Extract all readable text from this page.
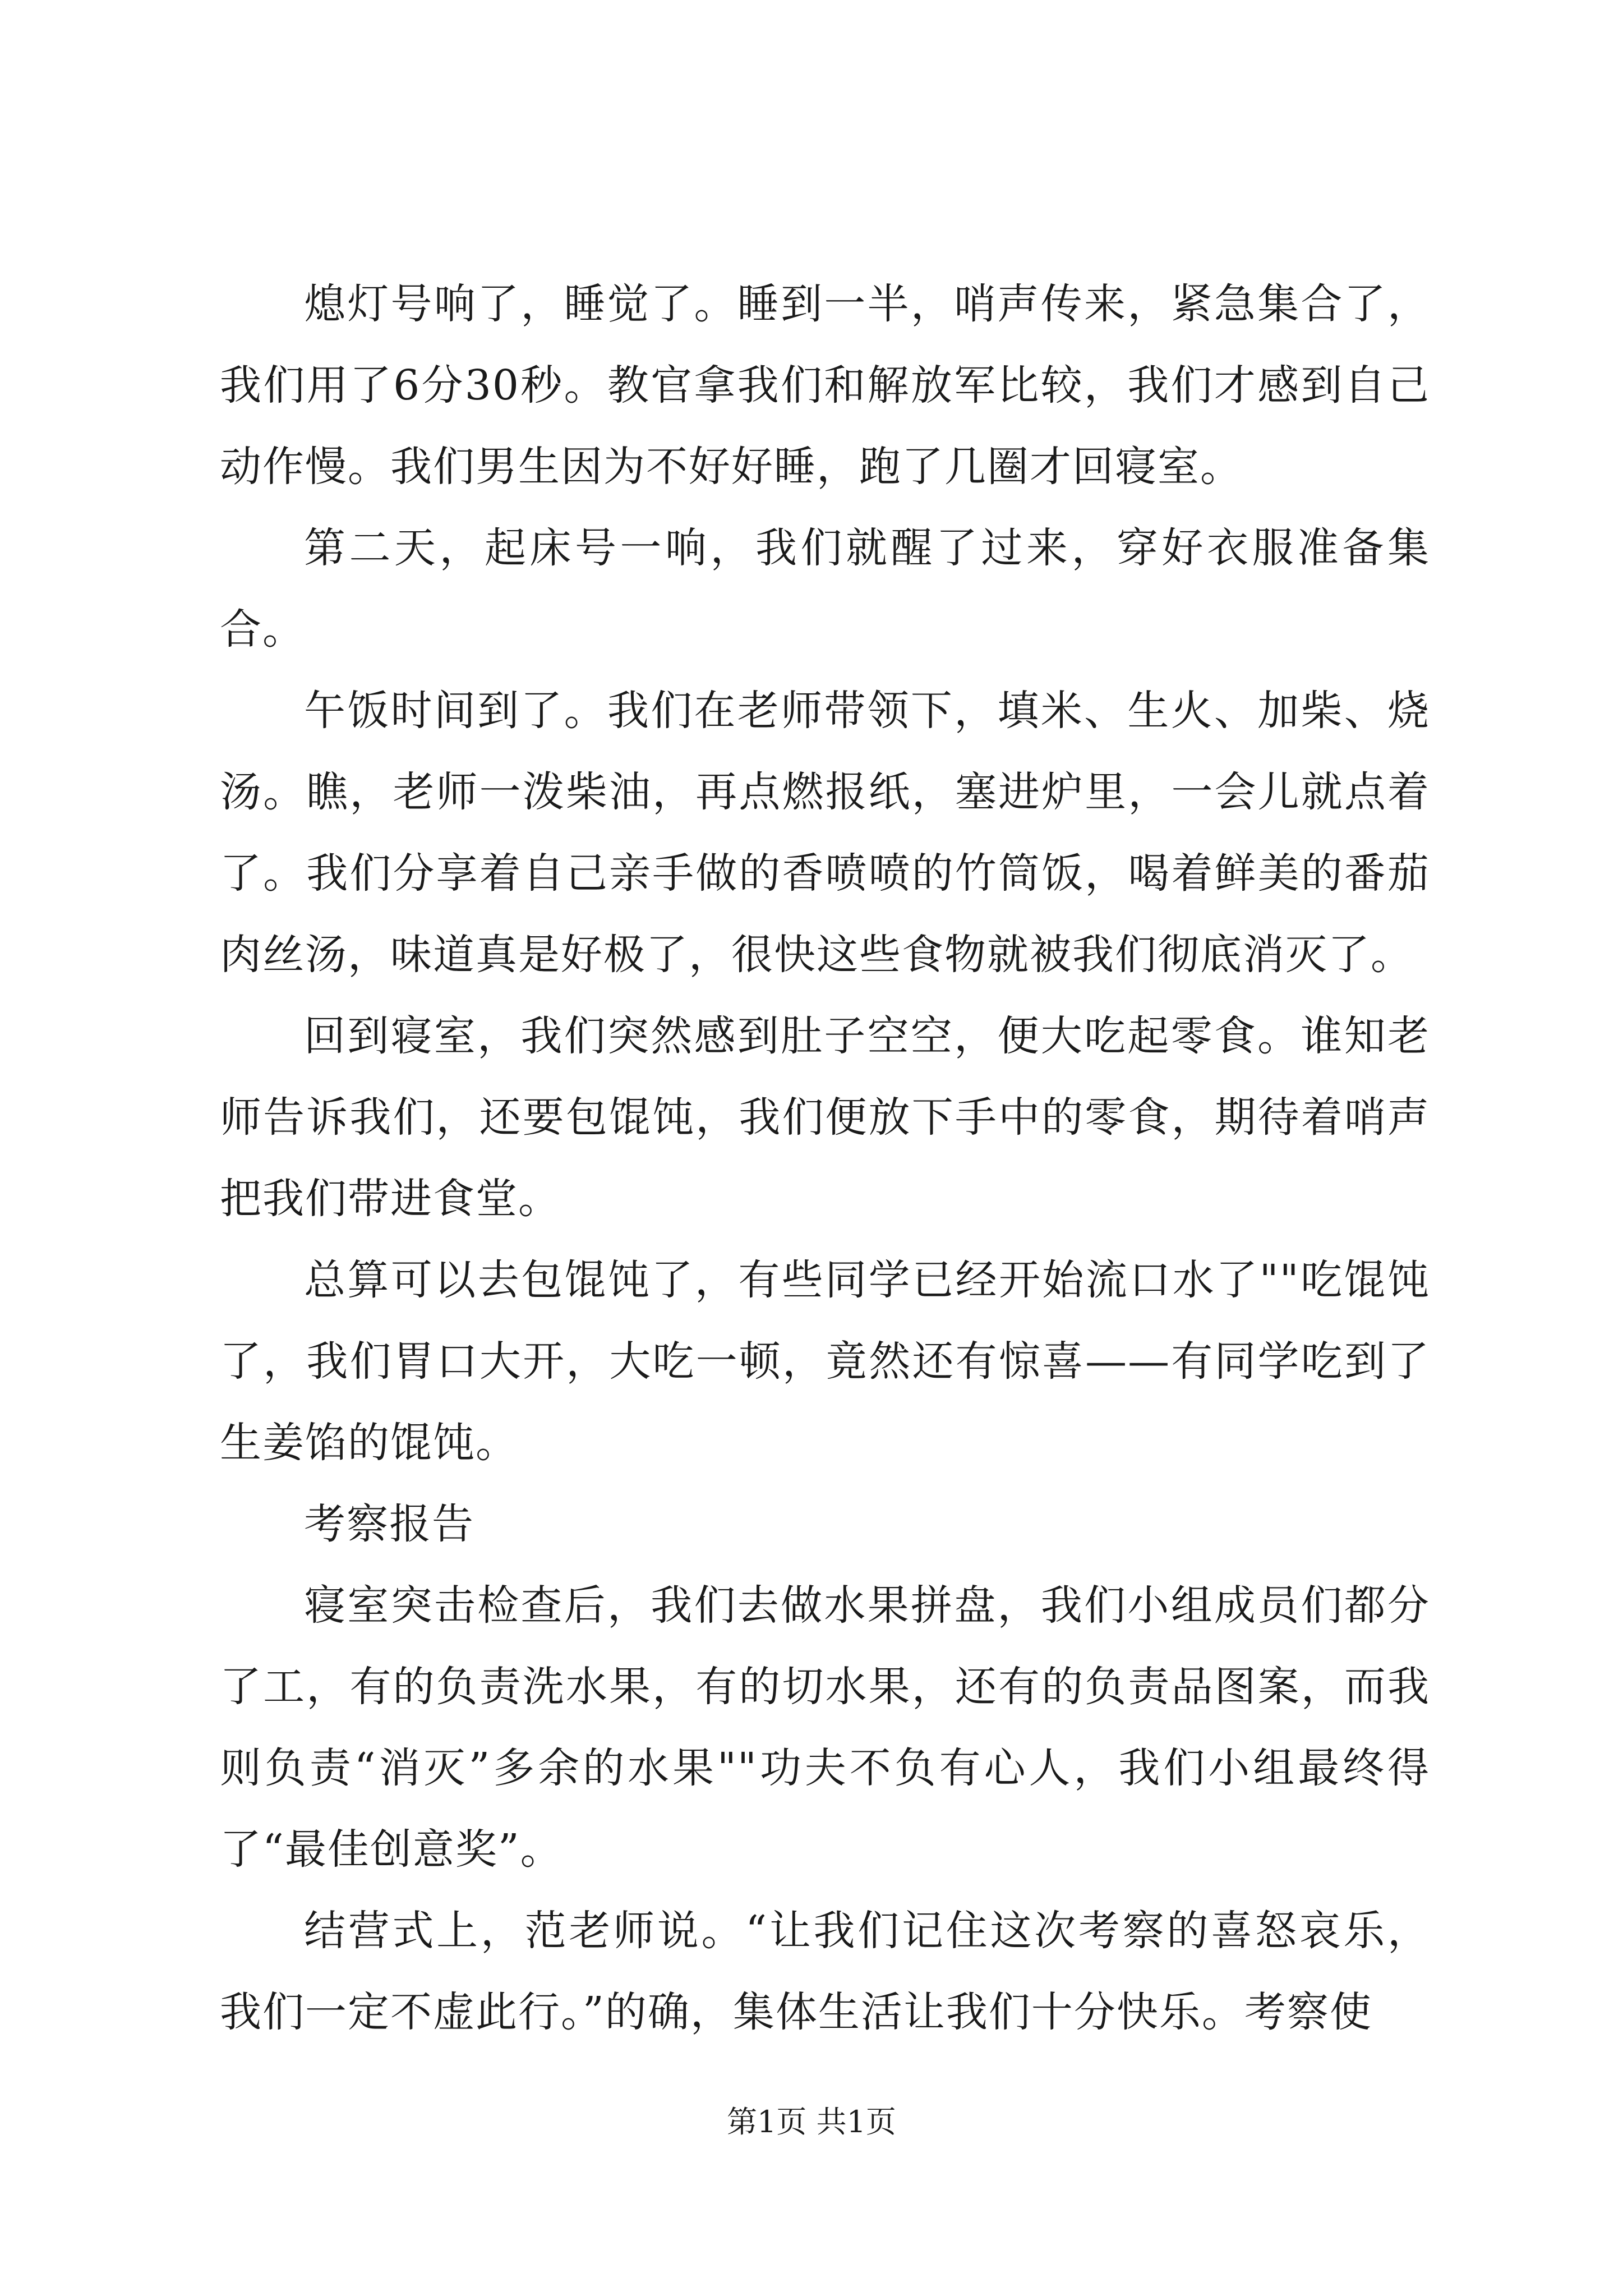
熄灯号响了，睡觉了。睡到一半，哨声传来，紧急集合了，我们用了6分30秒。教官拿我们和解放军比较，我们才感到自己动作慢。我们男生因为不好好睡，跑了几圈才回寝室。

第二天，起床号一响，我们就醒了过来，穿好衣服准备集合。

午饭时间到了。我们在老师带领下，填米、生火、加柴、烧汤。瞧，老师一泼柴油，再点燃报纸，塞进炉里，一会儿就点着了。我们分享着自己亲手做的香喷喷的竹筒饭，喝着鲜美的番茄肉丝汤，味道真是好极了，很快这些食物就被我们彻底消灭了。

回到寝室，我们突然感到肚子空空，便大吃起零食。谁知老师告诉我们，还要包馄饨，我们便放下手中的零食，期待着哨声把我们带进食堂。

总算可以去包馄饨了，有些同学已经开始流口水了""吃馄饨了，我们胃口大开，大吃一顿，竟然还有惊喜——有同学吃到了生姜馅的馄饨。

考察报告

寝室突击检查后，我们去做水果拼盘，我们小组成员们都分了工，有的负责洗水果，有的切水果，还有的负责品图案，而我则负责“消灭”多余的水果""功夫不负有心人，我们小组最终得了“最佳创意奖”。

结营式上，范老师说。“让我们记住这次考察的喜怒哀乐，我们一定不虚此行。”的确，集体生活让我们十分快乐。考察使

第1页 共1页
